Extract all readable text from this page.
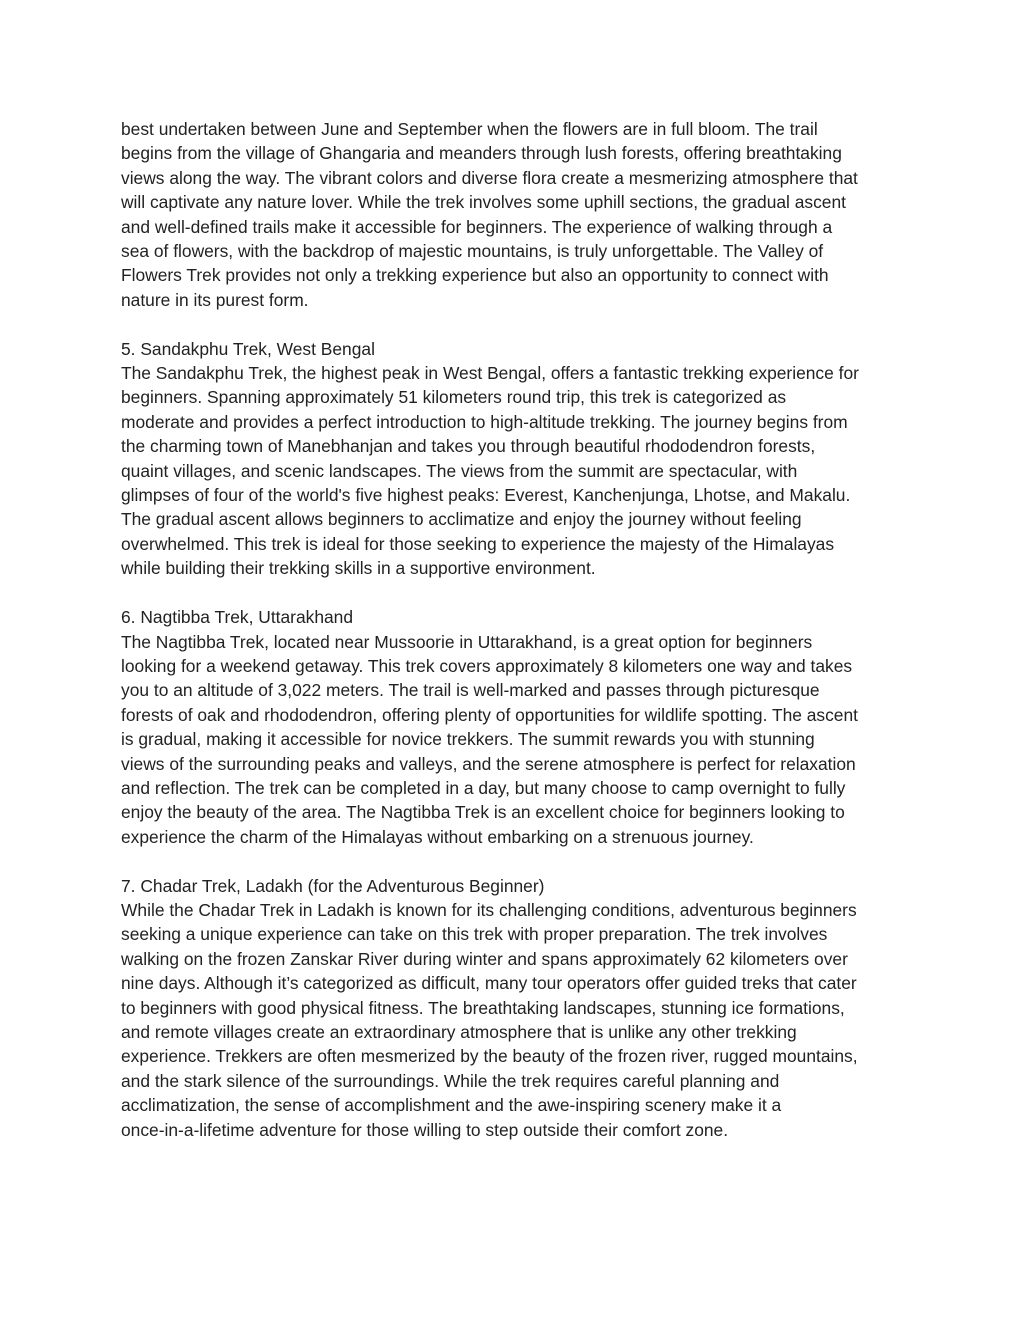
best undertaken between June and September when the flowers are in full bloom. The trail
begins from the village of Ghangaria and meanders through lush forests, offering breathtaking
views along the way. The vibrant colors and diverse flora create a mesmerizing atmosphere that
will captivate any nature lover. While the trek involves some uphill sections, the gradual ascent
and well-defined trails make it accessible for beginners. The experience of walking through a
sea of flowers, with the backdrop of majestic mountains, is truly unforgettable. The Valley of
Flowers Trek provides not only a trekking experience but also an opportunity to connect with
nature in its purest form.

5. Sandakphu Trek, West Bengal
The Sandakphu Trek, the highest peak in West Bengal, offers a fantastic trekking experience for
beginners. Spanning approximately 51 kilometers round trip, this trek is categorized as
moderate and provides a perfect introduction to high-altitude trekking. The journey begins from
the charming town of Manebhanjan and takes you through beautiful rhododendron forests,
quaint villages, and scenic landscapes. The views from the summit are spectacular, with
glimpses of four of the world's five highest peaks: Everest, Kanchenjunga, Lhotse, and Makalu.
The gradual ascent allows beginners to acclimatize and enjoy the journey without feeling
overwhelmed. This trek is ideal for those seeking to experience the majesty of the Himalayas
while building their trekking skills in a supportive environment.

6. Nagtibba Trek, Uttarakhand
The Nagtibba Trek, located near Mussoorie in Uttarakhand, is a great option for beginners
looking for a weekend getaway. This trek covers approximately 8 kilometers one way and takes
you to an altitude of 3,022 meters. The trail is well-marked and passes through picturesque
forests of oak and rhododendron, offering plenty of opportunities for wildlife spotting. The ascent
is gradual, making it accessible for novice trekkers. The summit rewards you with stunning
views of the surrounding peaks and valleys, and the serene atmosphere is perfect for relaxation
and reflection. The trek can be completed in a day, but many choose to camp overnight to fully
enjoy the beauty of the area. The Nagtibba Trek is an excellent choice for beginners looking to
experience the charm of the Himalayas without embarking on a strenuous journey.

7. Chadar Trek, Ladakh (for the Adventurous Beginner)
While the Chadar Trek in Ladakh is known for its challenging conditions, adventurous beginners
seeking a unique experience can take on this trek with proper preparation. The trek involves
walking on the frozen Zanskar River during winter and spans approximately 62 kilometers over
nine days. Although it’s categorized as difficult, many tour operators offer guided treks that cater
to beginners with good physical fitness. The breathtaking landscapes, stunning ice formations,
and remote villages create an extraordinary atmosphere that is unlike any other trekking
experience. Trekkers are often mesmerized by the beauty of the frozen river, rugged mountains,
and the stark silence of the surroundings. While the trek requires careful planning and
acclimatization, the sense of accomplishment and the awe-inspiring scenery make it a
once-in-a-lifetime adventure for those willing to step outside their comfort zone.
